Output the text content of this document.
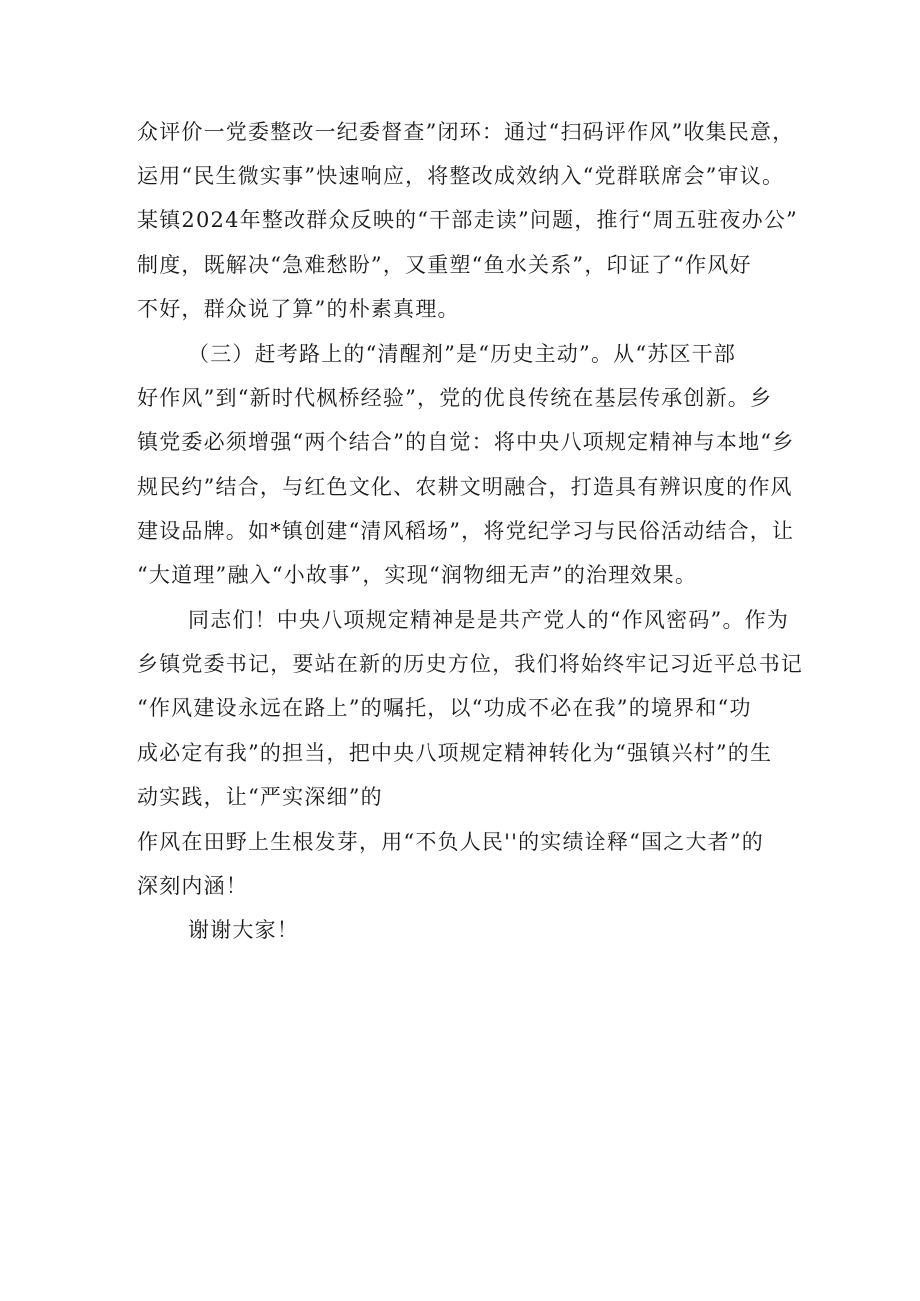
众评价一党委整改一纪委督查”闭环：通过“扫码评作风”收集民意，
运用“民生微实事”快速响应，将整改成效纳入“党群联席会”审议。
某镇2024年整改群众反映的“干部走读”问题，推行“周五驻夜办公”
制度，既解决“急难愁盼”，又重塑“鱼水关系”，印证了“作风好
不好，群众说了算”的朴素真理。
（三）赶考路上的“清醒剂”是“历史主动”。从“苏区干部
好作风”到“新时代枫桥经验”，党的优良传统在基层传承创新。乡
镇党委必须增强“两个结合”的自觉：将中央八项规定精神与本地“乡
规民约”结合，与红色文化、农耕文明融合，打造具有辨识度的作风
建设品牌。如*镇创建“清风稻场”，将党纪学习与民俗活动结合，让
“大道理”融入“小故事”，实现“润物细无声”的治理效果。
同志们！中央八项规定精神是是共产党人的“作风密码”。作为
乡镇党委书记，要站在新的历史方位，我们将始终牢记习近平总书记
“作风建设永远在路上”的嘱托，以“功成不必在我”的境界和“功
成必定有我”的担当，把中央八项规定精神转化为“强镇兴村”的生
动实践，让“严实深细”的
作风在田野上生根发芽，用“不负人民''的实绩诠释“国之大者”的
深刻内涵！
谢谢大家！
